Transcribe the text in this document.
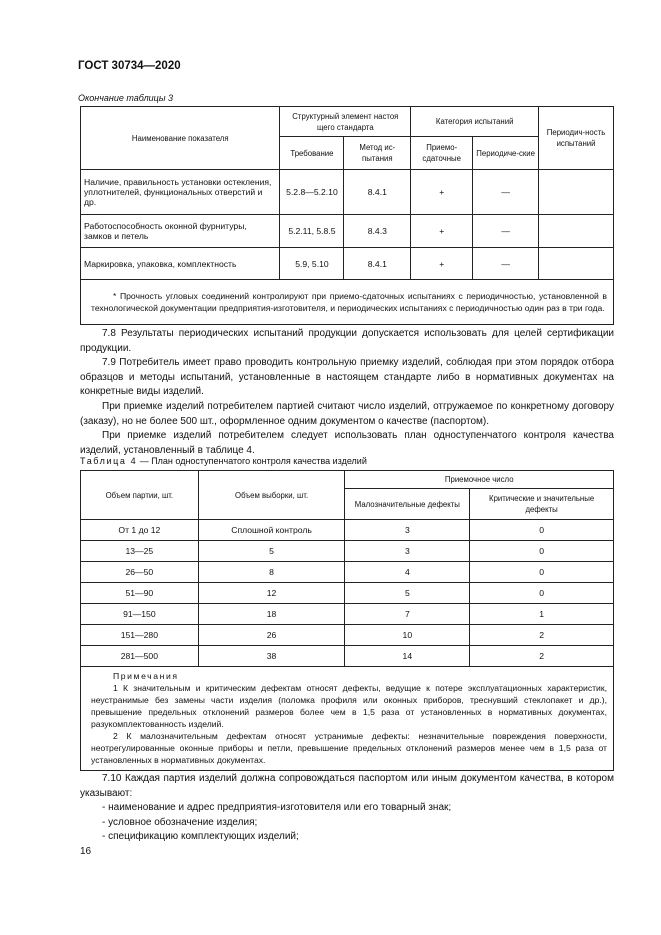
ГОСТ 30734—2020
Окончание таблицы 3
Наименование показателя	Структурный элемент настоя щего стандарта		Категория испытаний		Периодич-ность испытаний
	Требование	Метод ис-пытания	Приемо-сдаточные	Периодиче-ские	
Наличие, правильность установки остекления, уплотнителей, функциональных отверстий и др.	5.2.8—5.2.10	8.4.1	+	—	
Работоспособность оконной фурнитуры, замков и петель	5.2.11, 5.8.5	8.4.3	+	—	
Маркировка, упаковка, комплектность	5.9, 5.10	8.4.1	+	—	
* Прочность угловых соединений контролируют при приемо-сдаточных испытаниях с периодичностью, установленной в технологической документации предприятия-изготовителя, и периодических испытаниях с периодичностью один раз в три года.					
7.8 Результаты периодических испытаний продукции допускается использовать для целей сертификации продукции.
7.9 Потребитель имеет право проводить контрольную приемку изделий, соблюдая при этом порядок отбора образцов и методы испытаний, установленные в настоящем стандарте либо в нормативных документах на конкретные виды изделий.
При приемке изделий потребителем партией считают число изделий, отгружаемое по конкретному договору (заказу), но не более 500 шт., оформленное одним документом о качестве (паспортом).
При приемке изделий потребителем следует использовать план одноступенчатого контроля качества изделий, установленный в таблице 4.
Таблица 4 — План одноступенчатого контроля качества изделий
Объем партии, шт.	Объем выборки, шт.	Приемочное число	
		Малозначительные дефекты	Критические и значительные дефекты
От 1 до 12	Сплошной контроль	3	0
13—25	5	3	0
26—50	8	4	0
51—90	12	5	0
91—150	18	7	1
151—280	26	10	2
281—500	38	14	2

Примечания
1 К значительным и критическим дефектам относят дефекты, ведущие к потере эксплуатационных характеристик, неустранимые без замены части изделия (поломка профиля или оконных приборов, треснувший стеклопакет и др.), превышение предельных отклонений размеров более чем в 1,5 раза от установленных в нормативных документах, разукомплектованность изделий.
2 К малозначительным дефектам относят устранимые дефекты: незначительные повреждения поверхности, неотрегулированные оконные приборы и петли, превышение предельных отклонений размеров менее чем в 1,5 раза от установленных в нормативных документах.			
7.10 Каждая партия изделий должна сопровождаться паспортом или иным документом качества, в котором указывают:
- наименование и адрес предприятия-изготовителя или его товарный знак;
- условное обозначение изделия;
- спецификацию комплектующих изделий;
16
